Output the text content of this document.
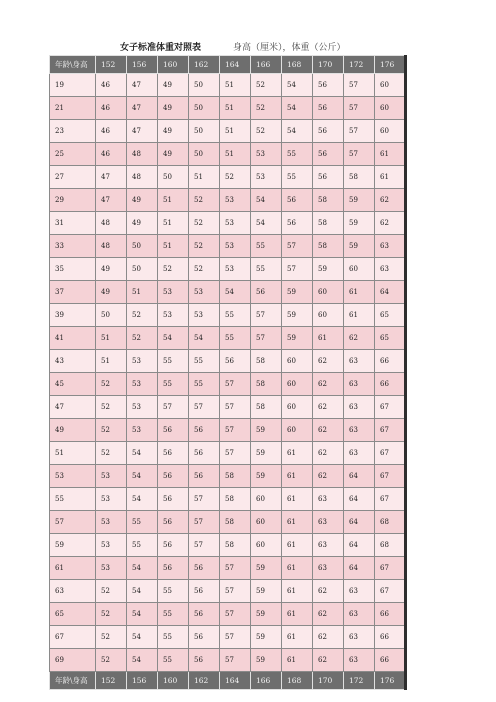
女子标准体重对照表	身高（厘米），体重（公斤）
年龄\身高	152	156	160	162	164	166	168	170	172	176
19	46	47	49	50	51	52	54	56	57	60
21	46	47	49	50	51	52	54	56	57	60
23	46	47	49	50	51	52	54	56	57	60
25	46	48	49	50	51	53	55	56	57	61
27	47	48	50	51	52	53	55	56	58	61
29	47	49	51	52	53	54	56	58	59	62
31	48	49	51	52	53	54	56	58	59	62
33	48	50	51	52	53	55	57	58	59	63
35	49	50	52	52	53	55	57	59	60	63
37	49	51	53	53	54	56	59	60	61	64
39	50	52	53	53	55	57	59	60	61	65
41	51	52	54	54	55	57	59	61	62	65
43	51	53	55	55	56	58	60	62	63	66
45	52	53	55	55	57	58	60	62	63	66
47	52	53	57	57	57	58	60	62	63	67
49	52	53	56	56	57	59	60	62	63	67
51	52	54	56	56	57	59	61	62	63	67
53	53	54	56	56	58	59	61	62	64	67
55	53	54	56	57	58	60	61	63	64	67
57	53	55	56	57	58	60	61	63	64	68
59	53	55	56	57	58	60	61	63	64	68
61	53	54	56	56	57	59	61	63	64	67
63	52	54	55	56	57	59	61	62	63	67
65	52	54	55	56	57	59	61	62	63	66
67	52	54	55	56	57	59	61	62	63	66
69	52	54	55	56	57	59	61	62	63	66
年龄\身高	152	156	160	162	164	166	168	170	172	176
